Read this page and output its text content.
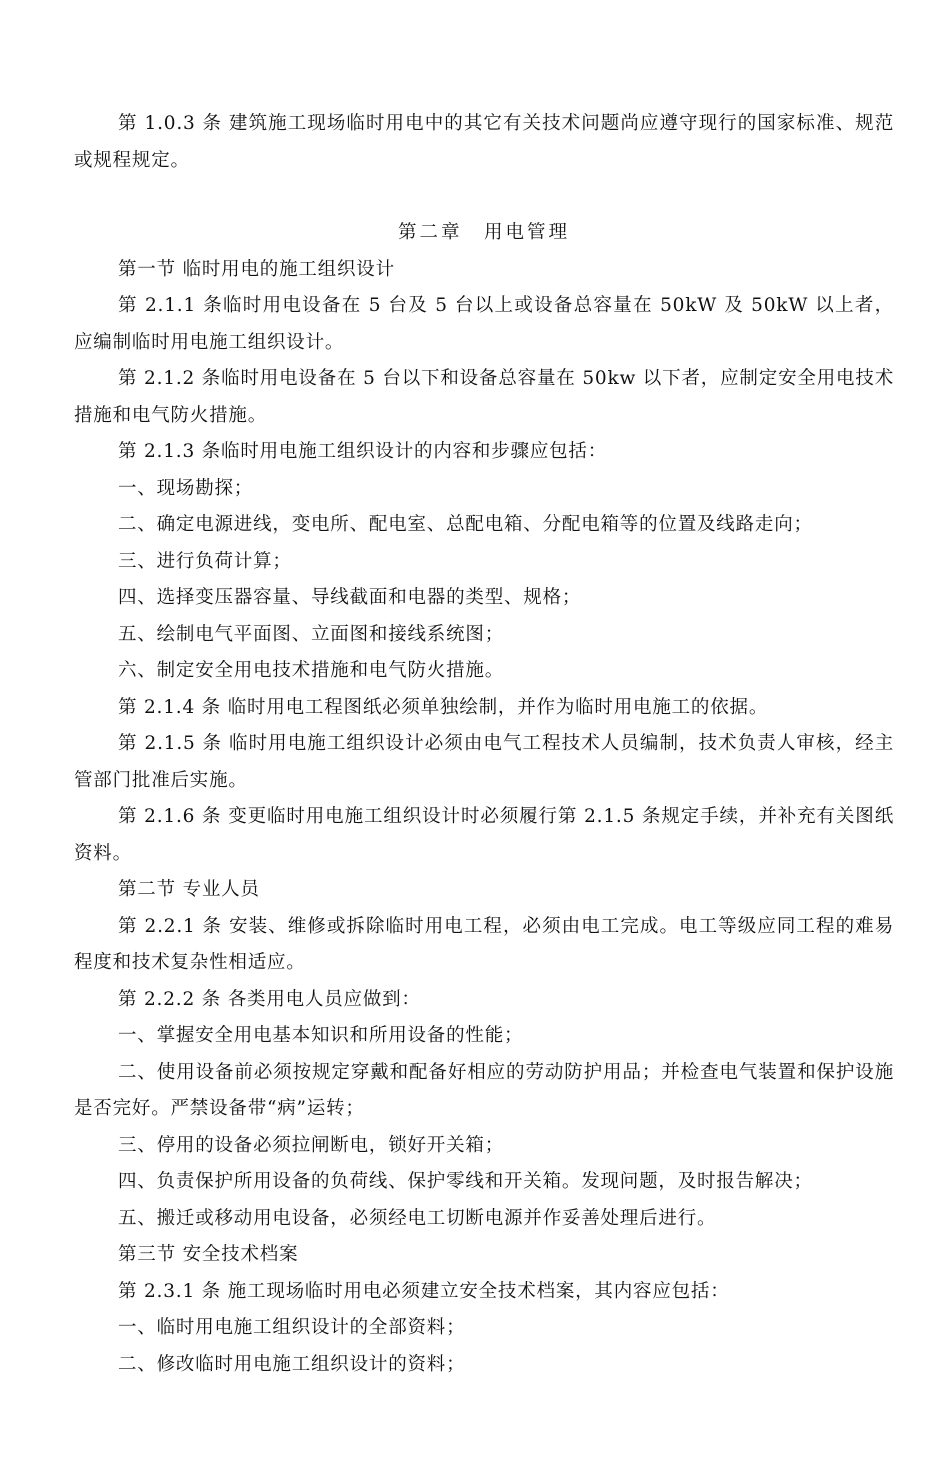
第 1.0.3 条 建筑施工现场临时用电中的其它有关技术问题尚应遵守现行的国家标准、规范或规程规定。

第二章　用电管理

第一节 临时用电的施工组织设计

第 2.1.1 条临时用电设备在 5 台及 5 台以上或设备总容量在 50kW 及 50kW 以上者，应编制临时用电施工组织设计。

第 2.1.2 条临时用电设备在 5 台以下和设备总容量在 50kw 以下者，应制定安全用电技术措施和电气防火措施。

第 2.1.3 条临时用电施工组织设计的内容和步骤应包括：

一、现场勘探；

二、确定电源进线，变电所、配电室、总配电箱、分配电箱等的位置及线路走向；

三、进行负荷计算；

四、选择变压器容量、导线截面和电器的类型、规格；

五、绘制电气平面图、立面图和接线系统图；

六、制定安全用电技术措施和电气防火措施。

第 2.1.4 条 临时用电工程图纸必须单独绘制，并作为临时用电施工的依据。

第 2.1.5 条 临时用电施工组织设计必须由电气工程技术人员编制，技术负责人审核，经主管部门批准后实施。

第 2.1.6 条 变更临时用电施工组织设计时必须履行第 2.1.5 条规定手续，并补充有关图纸资料。

第二节 专业人员

第 2.2.1 条 安装、维修或拆除临时用电工程，必须由电工完成。电工等级应同工程的难易程度和技术复杂性相适应。

第 2.2.2 条 各类用电人员应做到：

一、掌握安全用电基本知识和所用设备的性能；

二、使用设备前必须按规定穿戴和配备好相应的劳动防护用品；并检查电气装置和保护设施是否完好。严禁设备带“病”运转；

三、停用的设备必须拉闸断电，锁好开关箱；

四、负责保护所用设备的负荷线、保护零线和开关箱。发现问题，及时报告解决；

五、搬迁或移动用电设备，必须经电工切断电源并作妥善处理后进行。

第三节 安全技术档案

第 2.3.1 条 施工现场临时用电必须建立安全技术档案，其内容应包括：

一、临时用电施工组织设计的全部资料；

二、修改临时用电施工组织设计的资料；
